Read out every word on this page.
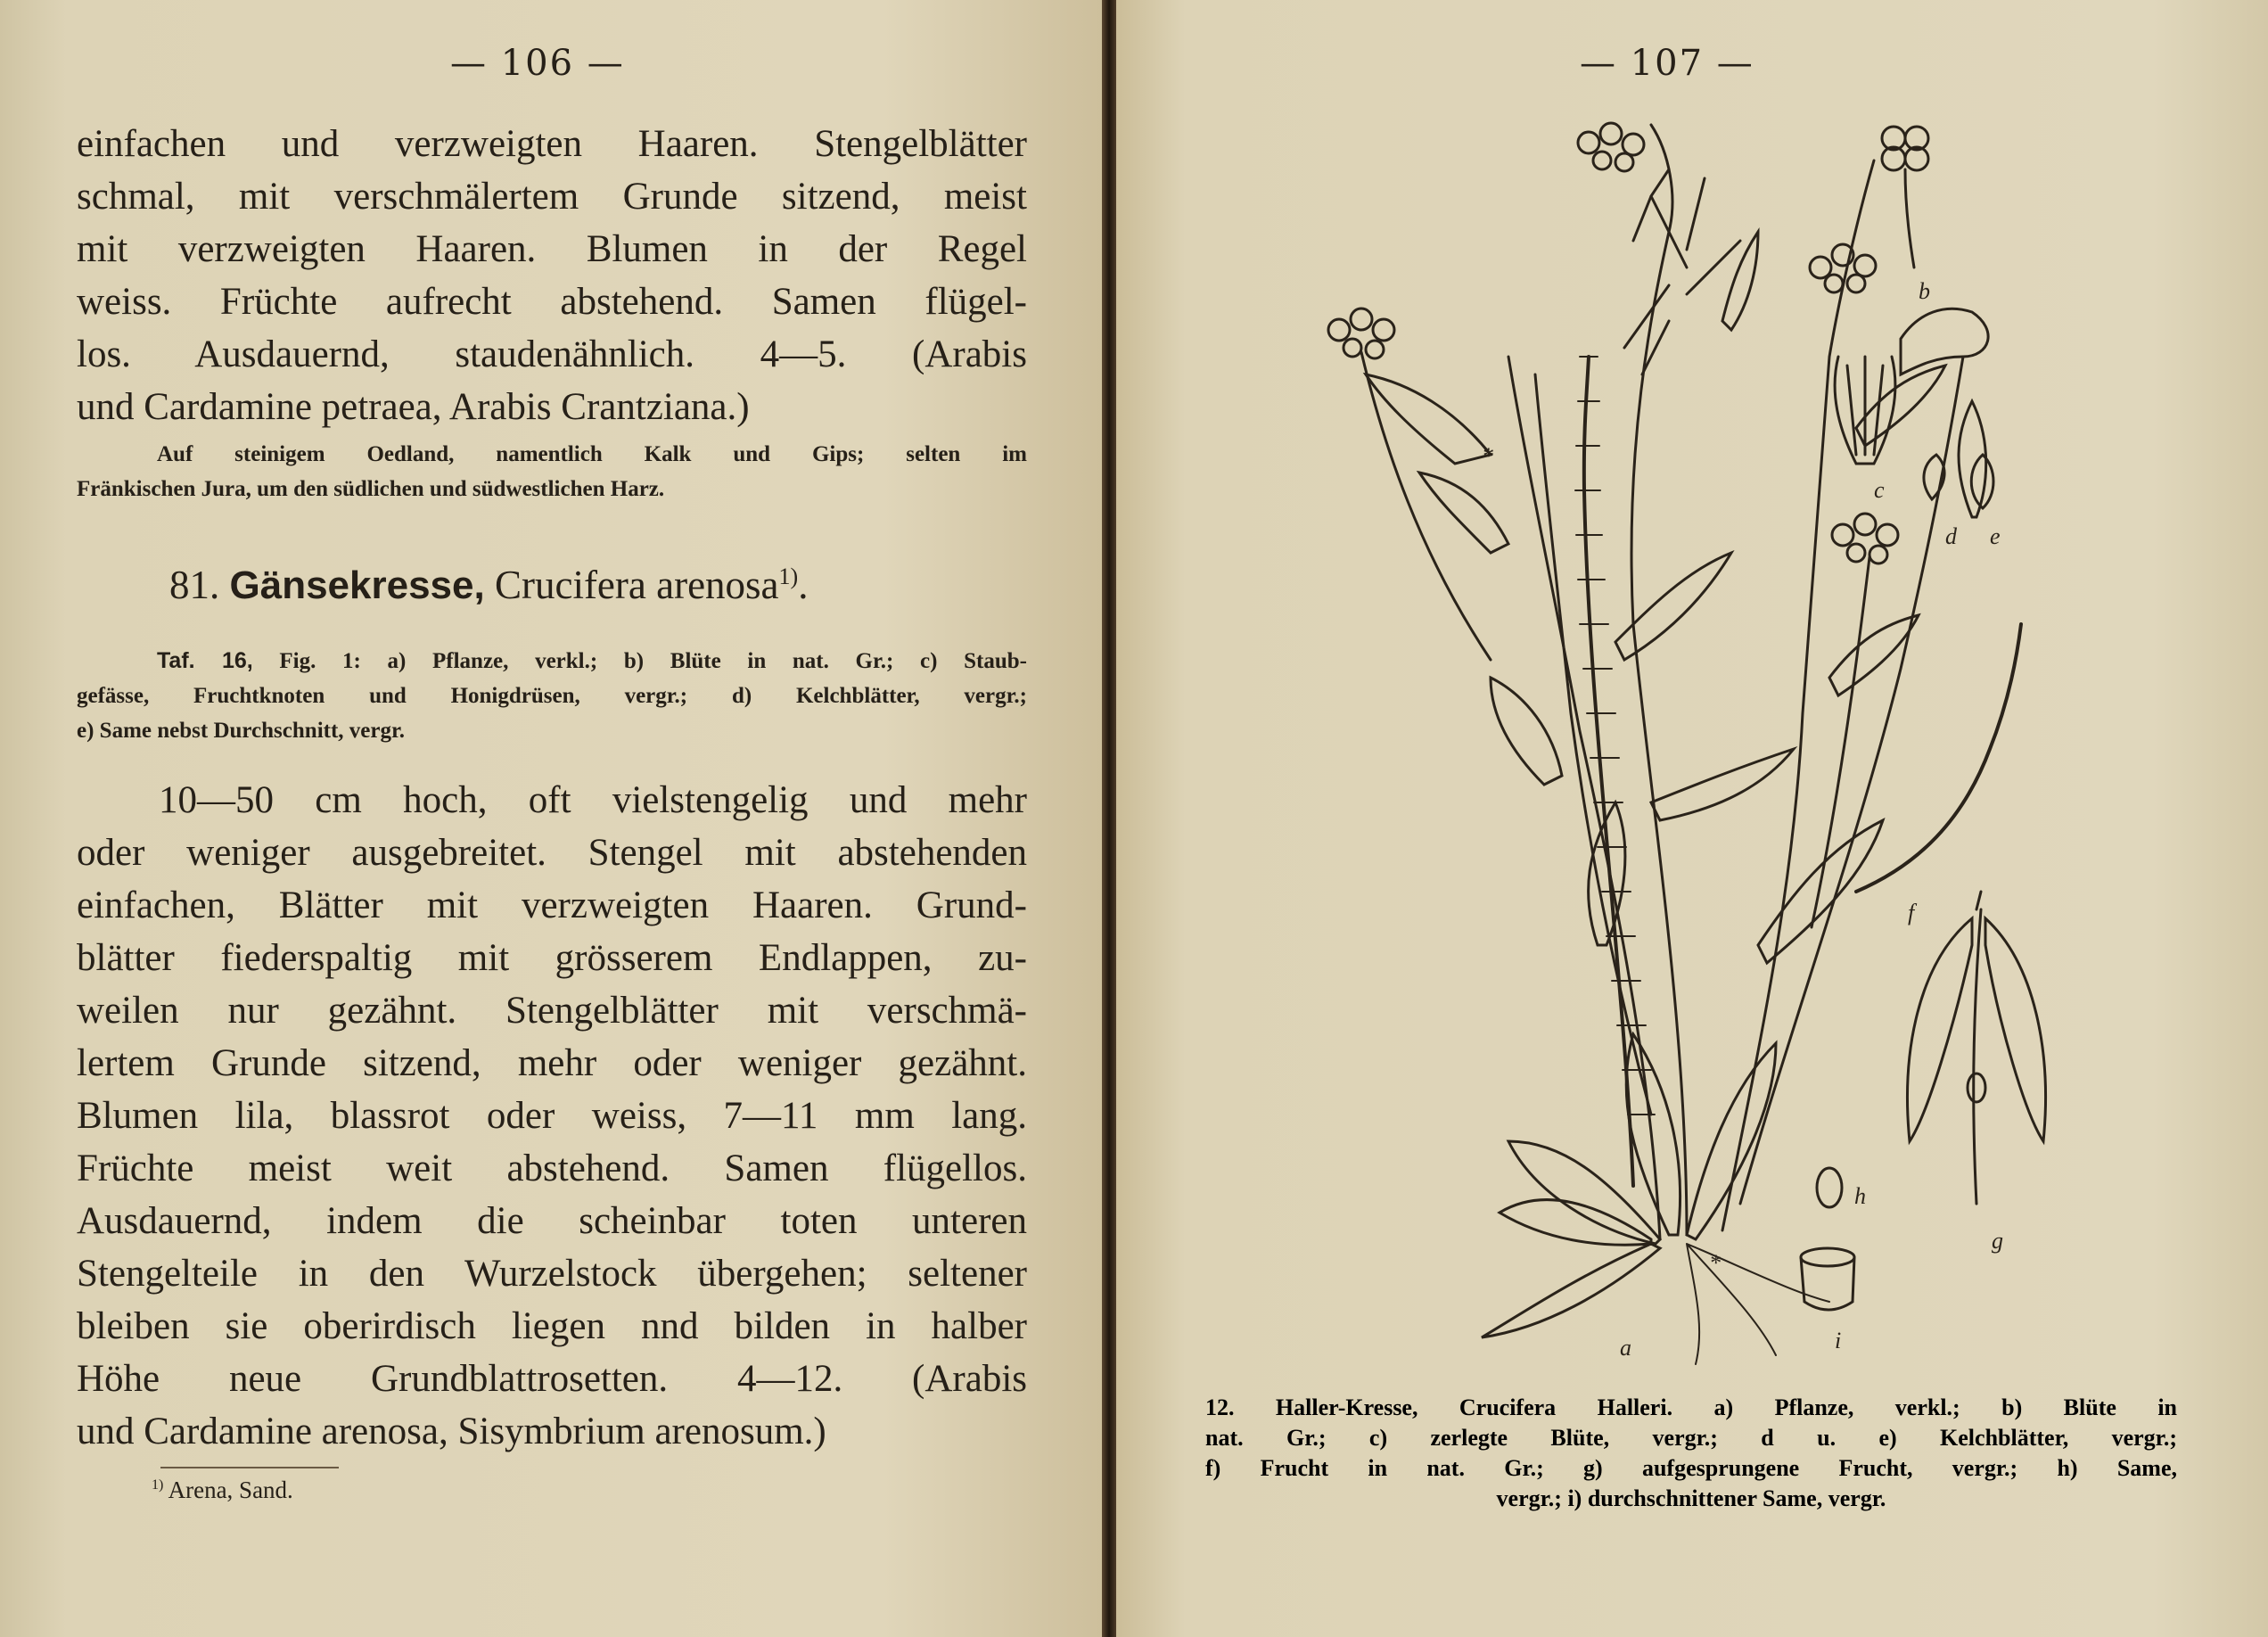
— 106 —
einfachen und verzweigten Haaren. Stengelblätter
schmal, mit verschmälertem Grunde sitzend, meist
mit verzweigten Haaren. Blumen in der Regel
weiss. Früchte aufrecht abstehend. Samen flügel-
los. Ausdauernd, staudenähnlich. 4—5. (Arabis
und Cardamine petraea, Arabis Crantziana.)
Auf steinigem Oedland, namentlich Kalk und Gips; selten im
Fränkischen Jura, um den südlichen und südwestlichen Harz.
81. Gänsekresse, Crucifera arenosa$^{1)}$.
Taf. 16, Fig. 1: a) Pflanze, verkl.; b) Blüte in nat. Gr.; c) Staub-
gefässe, Fruchtknoten und Honigdrüsen, vergr.; d) Kelchblätter, vergr.;
e) Same nebst Durchschnitt, vergr.
10—50 cm hoch, oft vielstengelig und mehr
oder weniger ausgebreitet. Stengel mit abstehenden
einfachen, Blätter mit verzweigten Haaren. Grund-
blätter fiederspaltig mit grösserem Endlappen, zu-
weilen nur gezähnt. Stengelblätter mit verschmä-
lertem Grunde sitzend, mehr oder weniger gezähnt.
Blumen lila, blassrot oder weiss, 7—11 mm lang.
Früchte meist weit abstehend. Samen flügellos.
Ausdauernd, indem die scheinbar toten unteren
Stengelteile in den Wurzelstock übergehen; seltener
bleiben sie oberirdisch liegen nnd bilden in halber
Höhe neue Grundblattrosetten. 4—12. (Arabis
und Cardamine arenosa, Sisymbrium arenosum.)
$^{1)}$ Arena, Sand.
— 107 —
a
b
c
d e
f
g
h
i
*
*
12. Haller-Kresse, Crucifera Halleri. a) Pflanze, verkl.; b) Blüte in
nat. Gr.; c) zerlegte Blüte, vergr.; d u. e) Kelchblätter, vergr.;
f) Frucht in nat. Gr.; g) aufgesprungene Frucht, vergr.; h) Same,
vergr.; i) durchschnittener Same, vergr.
